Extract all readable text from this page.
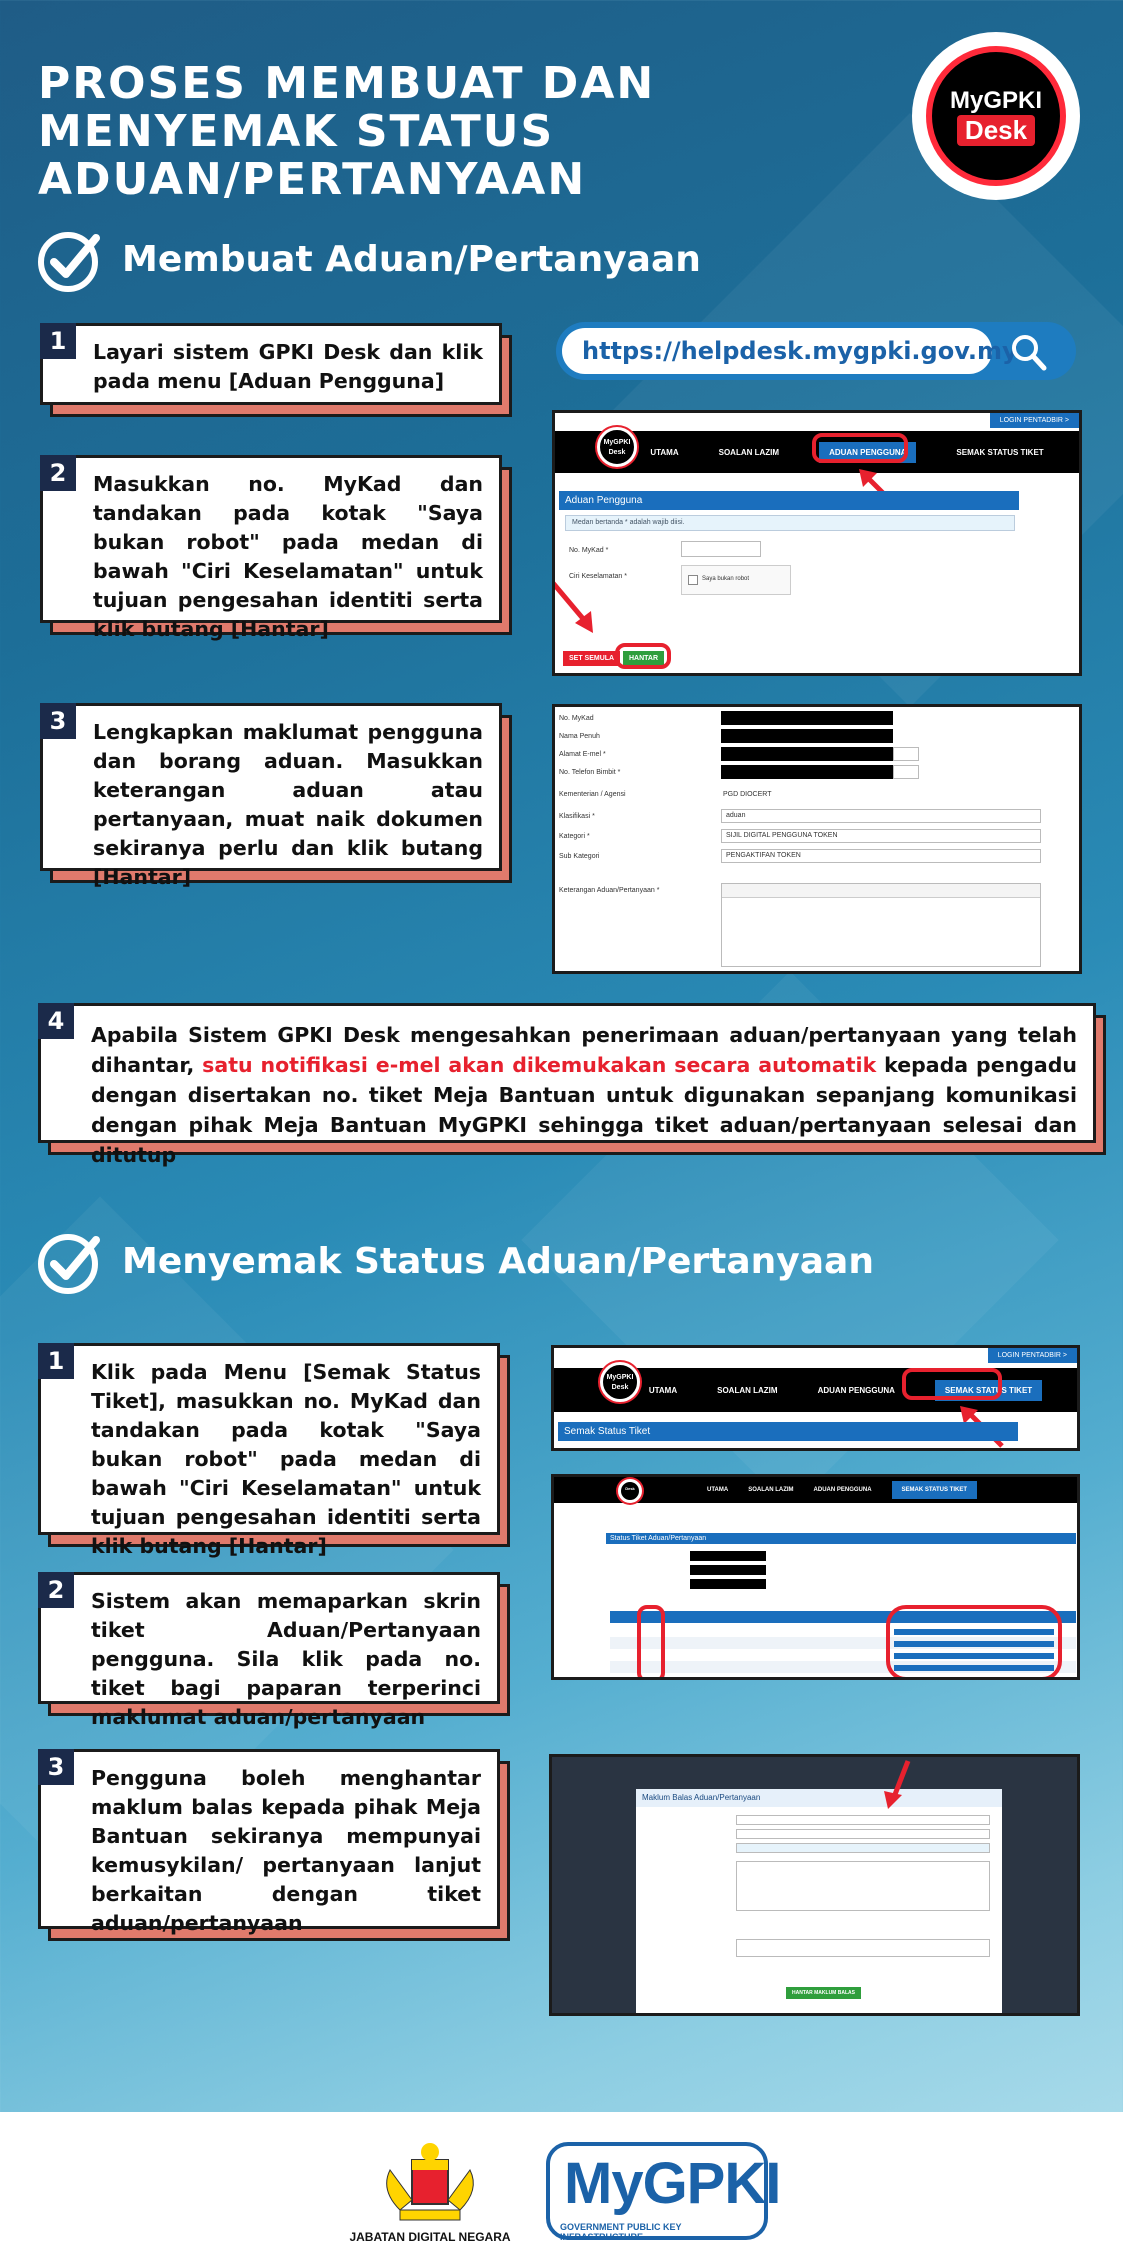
PROSES MEMBUAT DAN MENYEMAK STATUS ADUAN/PERTANYAAN
MyGPKI
Desk
Membuat Aduan/Pertanyaan
Layari sistem GPKI Desk dan klik pada menu [Aduan Pengguna]
1	https://helpdesk.mygpki.gov.my
Masukkan no. MyKad dan tandakan pada kotak "Saya bukan robot" pada medan di bawah "Ciri Keselamatan" untuk tujuan pengesahan identiti serta klik butang [Hantar]
2
LOGIN PENTADBIR >
UTAMA	SOALAN LAZIM	ADUAN PENGGUNA	SEMAK STATUS TIKET
MyGPKI
Desk
Aduan Pengguna
Medan bertanda * adalah wajib diisi.
No. MyKad *
Ciri Keselamatan *	Saya bukan robot
SET SEMULA	HANTAR
Lengkapkan maklumat pengguna dan borang aduan. Masukkan keterangan aduan atau pertanyaan, muat naik dokumen sekiranya perlu dan klik butang [Hantar]
3	No. MyKad
Nama Penuh
Alamat E-mel *
No. Telefon Bimbit *
Kementerian / Agensi	PGD DIOCERT
Klasifikasi *	aduan
Kategori *	SIJIL DIGITAL PENGGUNA TOKEN
Sub Kategori	PENGAKTIFAN TOKEN
Keterangan Aduan/Pertanyaan *
Apabila Sistem GPKI Desk mengesahkan penerimaan aduan/pertanyaan yang telah dihantar, satu notifikasi e-mel akan dikemukakan secara automatik kepada pengadu dengan disertakan no. tiket Meja Bantuan untuk digunakan sepanjang komunikasi dengan pihak Meja Bantuan MyGPKI sehingga tiket aduan/pertanyaan selesai dan ditutup
4
Menyemak Status Aduan/Pertanyaan
Klik pada Menu [Semak Status Tiket], masukkan no. MyKad dan tandakan pada kotak "Saya bukan robot" pada medan di bawah "Ciri Keselamatan" untuk tujuan pengesahan identiti serta klik butang [Hantar]
1	LOGIN PENTADBIR >
UTAMA	SOALAN LAZIM	ADUAN PENGGUNA	SEMAK STATUS TIKET
MyGPKI
Desk
Semak Status Tiket
UTAMA	SOALAN LAZIM	ADUAN PENGGUNA	SEMAK STATUS TIKET
Desk
Status Tiket Aduan/Pertanyaan
Sistem akan memaparkan skrin tiket Aduan/Pertanyaan pengguna. Sila klik pada no. tiket bagi paparan terperinci maklumat aduan/pertanyaan
2
Pengguna boleh menghantar maklum balas kepada pihak Meja Bantuan sekiranya mempunyai kemusykilan/ pertanyaan lanjut berkaitan dengan tiket aduan/pertanyaan
3
Maklum Balas Aduan/Pertanyaan
HANTAR MAKLUM BALAS
JABATAN DIGITAL NEGARA
MyGPKI
GOVERNMENT PUBLIC KEY INFRASTRUCTURE
